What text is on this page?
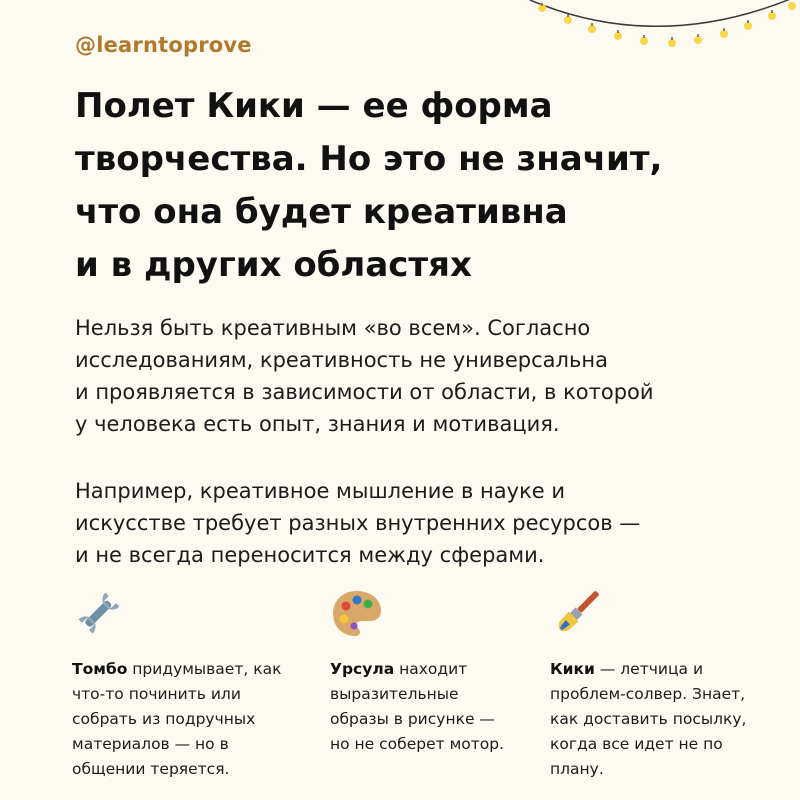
@learntoprove
Полет Кики — ее форма
творчества. Но это не значит,
что она будет креативна
и в других областях
Нельзя быть креативным «во всем». Согласно
исследованиям, креативность не универсальна
и проявляется в зависимости от области, в которой
у человека есть опыт, знания и мотивация.
Например, креативное мышление в науке и
искусстве требует разных внутренних ресурсов —
и не всегда переносится между сферами.
Томбо придумывает, как
что-то починить или
собрать из подручных
материалов — но в
общении теряется.
Урсула находит
выразительные
образы в рисунке —
но не соберет мотор.
Кики — летчица и
проблем-солвер. Знает,
как доставить посылку,
когда все идет не по
плану.
